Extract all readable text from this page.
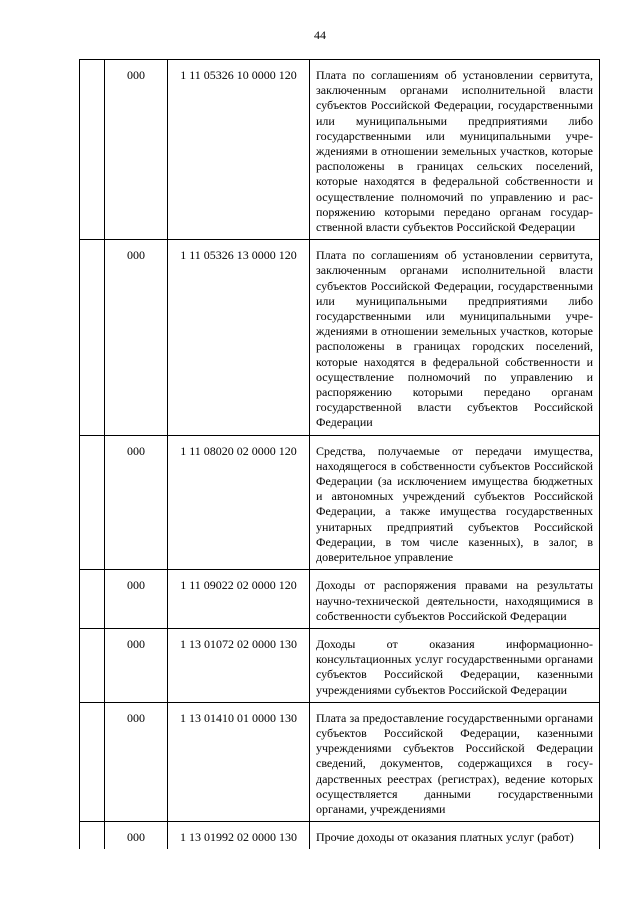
44
	000	1 11 05326 10 0000 120	Плата по соглашениям об установлении сервитута, заключенным органами исполнительной власти субъектов Российской Федерации, государственными или муниципальными предприятиями либо государственными или муниципальными учреждениями в отношении земельных участков, которые расположены в границах сельских поселений, которые находятся в федеральной собственности и осуществление полномочий по управлению и распоряжению которыми передано органам государственной власти субъектов Российской Федерации
	000	1 11 05326 13 0000 120	Плата по соглашениям об установлении сервитута, заключенным органами исполнительной власти субъектов Российской Федерации, государственными или муниципальными предприятиями либо государственными или муниципальными учреждениями в отношении земельных участков, которые расположены в границах городских поселений, которые находятся в федеральной собственности и осуществление полномочий по управлению и распоряжению которыми передано органам государственной власти субъектов Российской Федерации
	000	1 11 08020 02 0000 120	Средства, получаемые от передачи имущества, находящегося в собственности субъектов Российской Федерации (за исключением имущества бюджетных и автономных учреждений субъектов Российской Федерации, а также имущества государственных унитарных предприятий субъектов Российской Федерации, в том числе казенных), в залог, в доверительное управление
	000	1 11 09022 02 0000 120	Доходы от распоряжения правами на результаты научно-технической деятельности, находящимися в собственности субъектов Российской Федерации
	000	1 13 01072 02 0000 130	Доходы от оказания информационно-консультационных услуг государственными органами субъектов Российской Федерации, казенными учреждениями субъектов Российской Федерации
	000	1 13 01410 01 0000 130	Плата за предоставление государственными органами субъектов Российской Федерации, казенными учреждениями субъектов Российской Федерации сведений, документов, содержащихся в государственных реестрах (регистрах), ведение которых осуществляется данными государственными органами, учреждениями
	000	1 13 01992 02 0000 130	Прочие доходы от оказания платных услуг (работ)
